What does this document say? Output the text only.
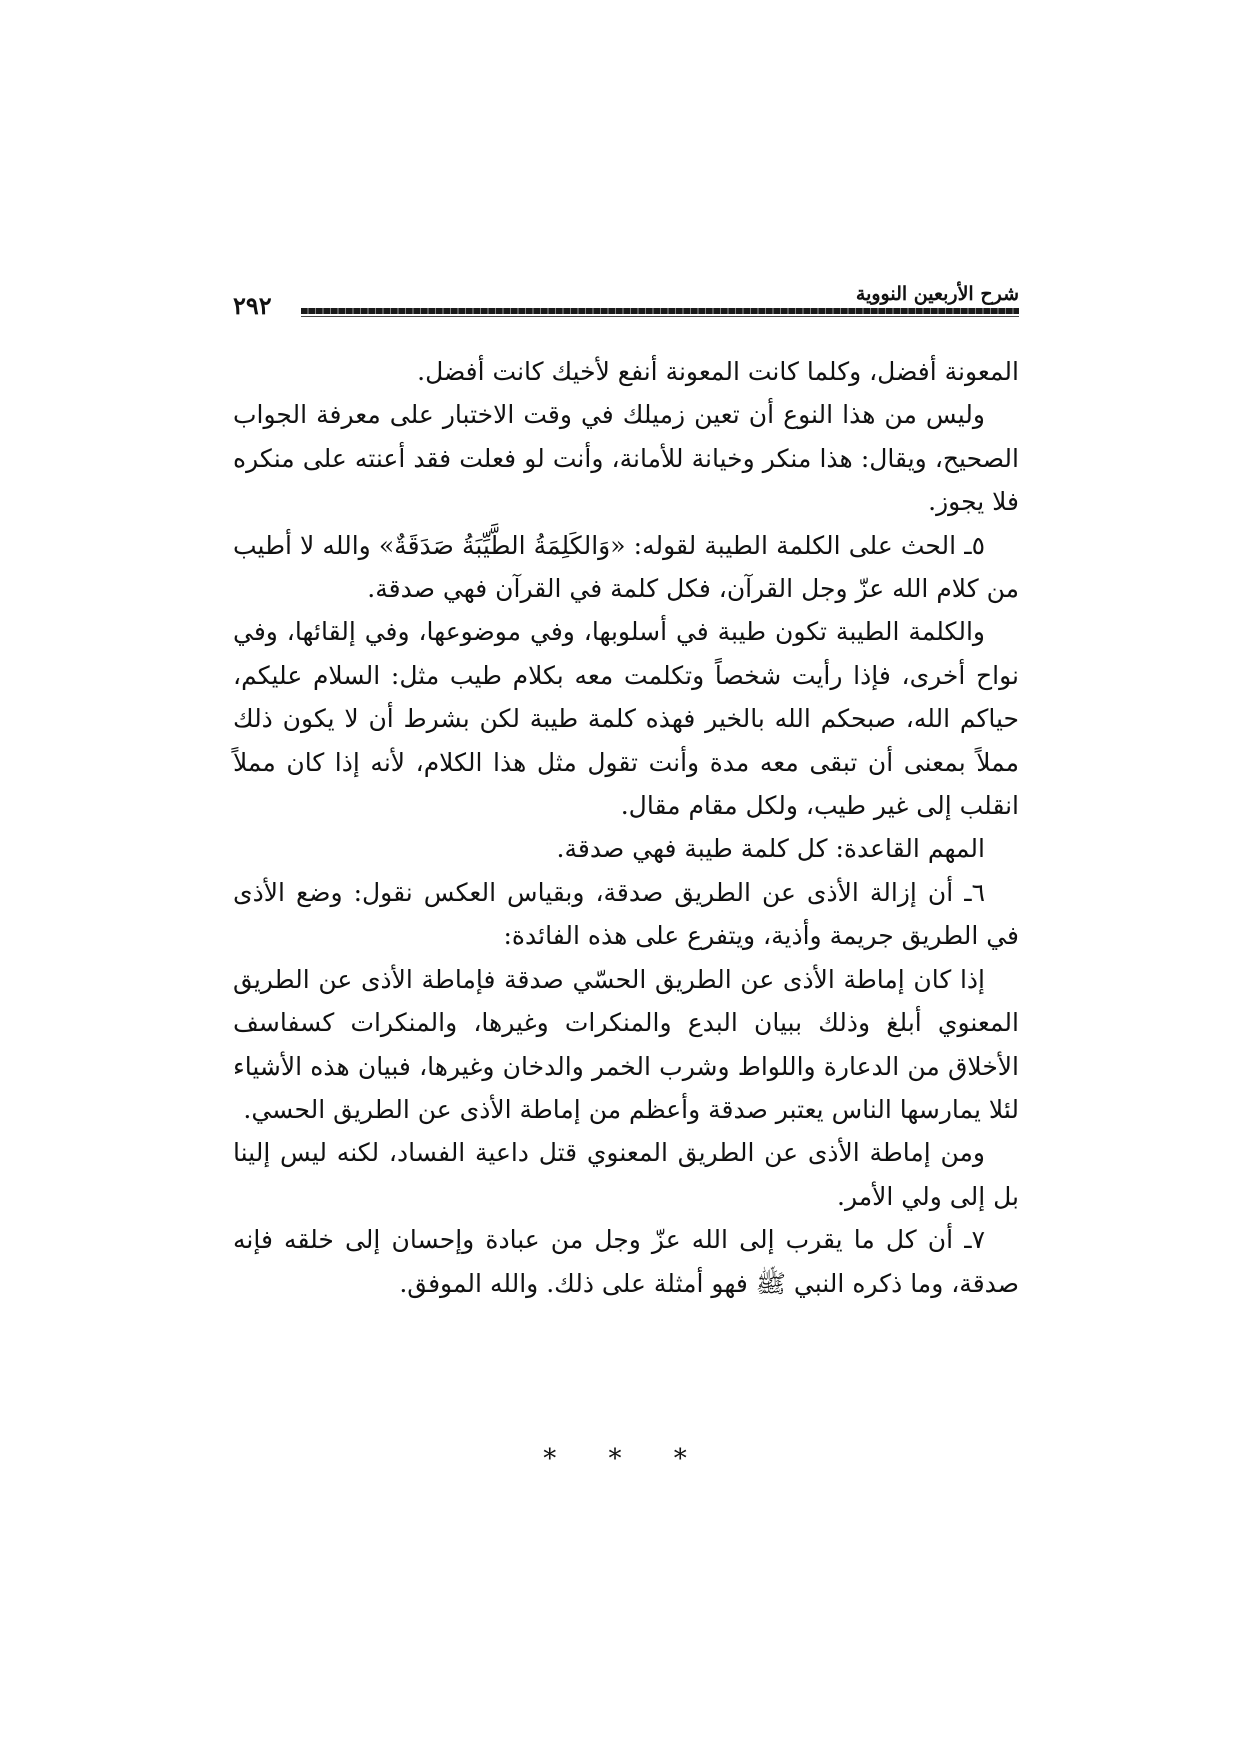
شرح الأربعين النووية
٢٩٢

المعونة أفضل، وكلما كانت المعونة أنفع لأخيك كانت أفضل.

وليس من هذا النوع أن تعين زميلك في وقت الاختبار على معرفة الجواب الصحيح، ويقال: هذا منكر وخيانة للأمانة، وأنت لو فعلت فقد أعنته على منكره فلا يجوز.

٥ـ الحث على الكلمة الطيبة لقوله: «وَالكَلِمَةُ الطَّيِّبَةُ صَدَقَةٌ» والله لا أطيب من كلام الله عزّ وجل القرآن، فكل كلمة في القرآن فهي صدقة.

والكلمة الطيبة تكون طيبة في أسلوبها، وفي موضوعها، وفي إلقائها، وفي نواح أخرى، فإذا رأيت شخصاً وتكلمت معه بكلام طيب مثل: السلام عليكم، حياكم الله، صبحكم الله بالخير فهذه كلمة طيبة لكن بشرط أن لا يكون ذلك مملاً بمعنى أن تبقى معه مدة وأنت تقول مثل هذا الكلام، لأنه إذا كان مملاً انقلب إلى غير طيب، ولكل مقام مقال.

المهم القاعدة: كل كلمة طيبة فهي صدقة.

٦ـ أن إزالة الأذى عن الطريق صدقة، وبقياس العكس نقول: وضع الأذى في الطريق جريمة وأذية، ويتفرع على هذه الفائدة:

إذا كان إماطة الأذى عن الطريق الحسّي صدقة فإماطة الأذى عن الطريق المعنوي أبلغ وذلك ببيان البدع والمنكرات وغيرها، والمنكرات كسفاسف الأخلاق من الدعارة واللواط وشرب الخمر والدخان وغيرها، فبيان هذه الأشياء لئلا يمارسها الناس يعتبر صدقة وأعظم من إماطة الأذى عن الطريق الحسي.

ومن إماطة الأذى عن الطريق المعنوي قتل داعية الفساد، لكنه ليس إلينا بل إلى ولي الأمر.

٧ـ أن كل ما يقرب إلى الله عزّ وجل من عبادة وإحسان إلى خلقه فإنه صدقة، وما ذكره النبي ﷺ فهو أمثلة على ذلك. والله الموفق.

* * *
